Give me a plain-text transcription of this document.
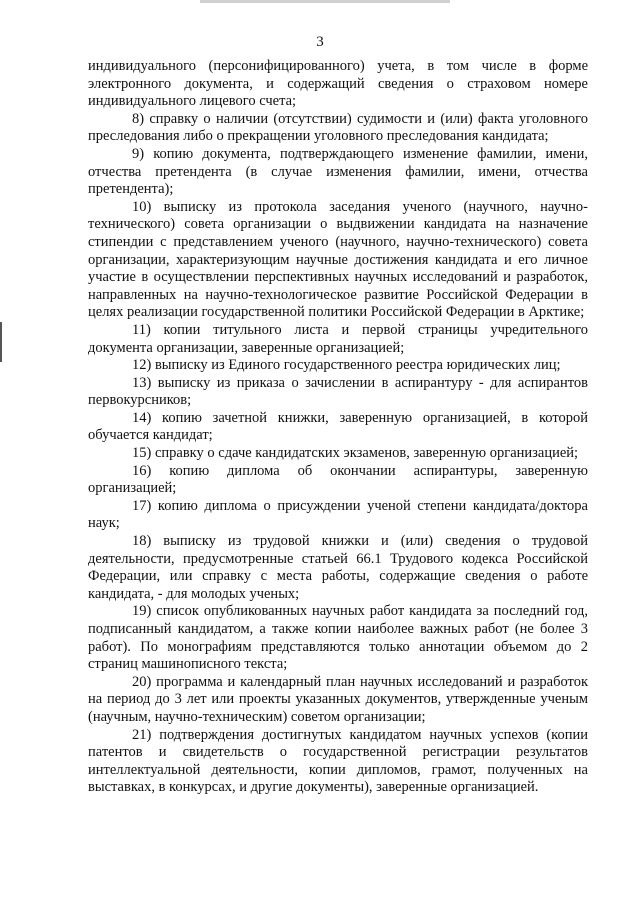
3

индивидуального (персонифицированного) учета, в том числе в форме электронного документа, и содержащий сведения о страховом номере индивидуального лицевого счета;

8) справку о наличии (отсутствии) судимости и (или) факта уголовного преследования либо о прекращении уголовного преследования кандидата;

9) копию документа, подтверждающего изменение фамилии, имени, отчества претендента (в случае изменения фамилии, имени, отчества претендента);

10) выписку из протокола заседания ученого (научного, научно-технического) совета организации о выдвижении кандидата на назначение стипендии с представлением ученого (научного, научно-технического) совета организации, характеризующим научные достижения кандидата и его личное участие в осуществлении перспективных научных исследований и разработок, направленных на научно-технологическое развитие Российской Федерации в целях реализации государственной политики Российской Федерации в Арктике;

11) копии титульного листа и первой страницы учредительного документа организации, заверенные организацией;

12) выписку из Единого государственного реестра юридических лиц;

13) выписку из приказа о зачислении в аспирантуру - для аспирантов первокурсников;

14) копию зачетной книжки, заверенную организацией, в которой обучается кандидат;

15) справку о сдаче кандидатских экзаменов, заверенную организацией;

16) копию диплома об окончании аспирантуры, заверенную организацией;

17) копию диплома о присуждении ученой степени кандидата/доктора наук;

18) выписку из трудовой книжки и (или) сведения о трудовой деятельности, предусмотренные статьей 66.1 Трудового кодекса Российской Федерации, или справку с места работы, содержащие сведения о работе кандидата, - для молодых ученых;

19) список опубликованных научных работ кандидата за последний год, подписанный кандидатом, а также копии наиболее важных работ (не более 3 работ). По монографиям представляются только аннотации объемом до 2 страниц машинописного текста;

20) программа и календарный план научных исследований и разработок на период до 3 лет или проекты указанных документов, утвержденные ученым (научным, научно-техническим) советом организации;

21) подтверждения достигнутых кандидатом научных успехов (копии патентов и свидетельств о государственной регистрации результатов интеллектуальной деятельности, копии дипломов, грамот, полученных на выставках, в конкурсах, и другие документы), заверенные организацией.
